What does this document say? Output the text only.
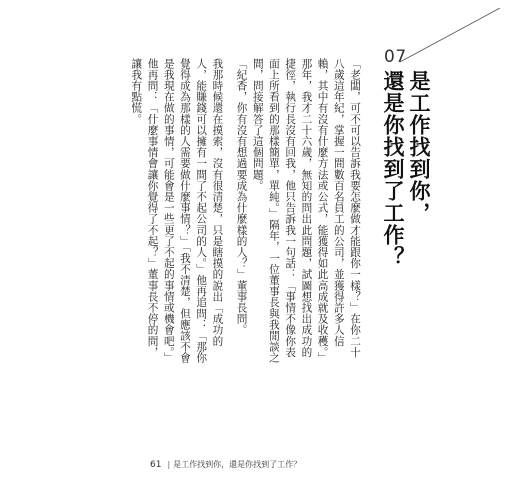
07
是工作找到你，
還是你找到了工作？

「老闆，可不可以告訴我要怎麼做才能跟你一樣？」在你二十八歲這年紀，掌握一間數百名員工的公司，並獲得許多人信賴，其中有沒有什麼方法或公式，能獲得如此高成就及收穫。」那年，我才二十六歲，無知的問出此問題，試圖想找出成功的捷徑，執行長沒有回我，他只告訴我一句話：「事情不像你表面上所看到的那樣簡單，單純。」隔年，一位董事長與我閒談之間，問接解答了這個問題。

「紀香，你有沒有想過要成為什麼樣的人？」董事長問。

我那時候還在摸索，沒有很清楚，只是瞎摸的說出「成功的人，能賺錢可以擁有一間了不起公司的人。」他再追問：「那你覺得成為那樣的人需要做什麼事情？」「我不清楚，但應該不會是我現在做的事情，可能會是一些更了不起的事情或機會吧。」他再問：「什麼事情會讓你覺得了不起？」董事長不停的問，讓我有點慌。

61 | 是工作找到你，還是你找到了工作？
